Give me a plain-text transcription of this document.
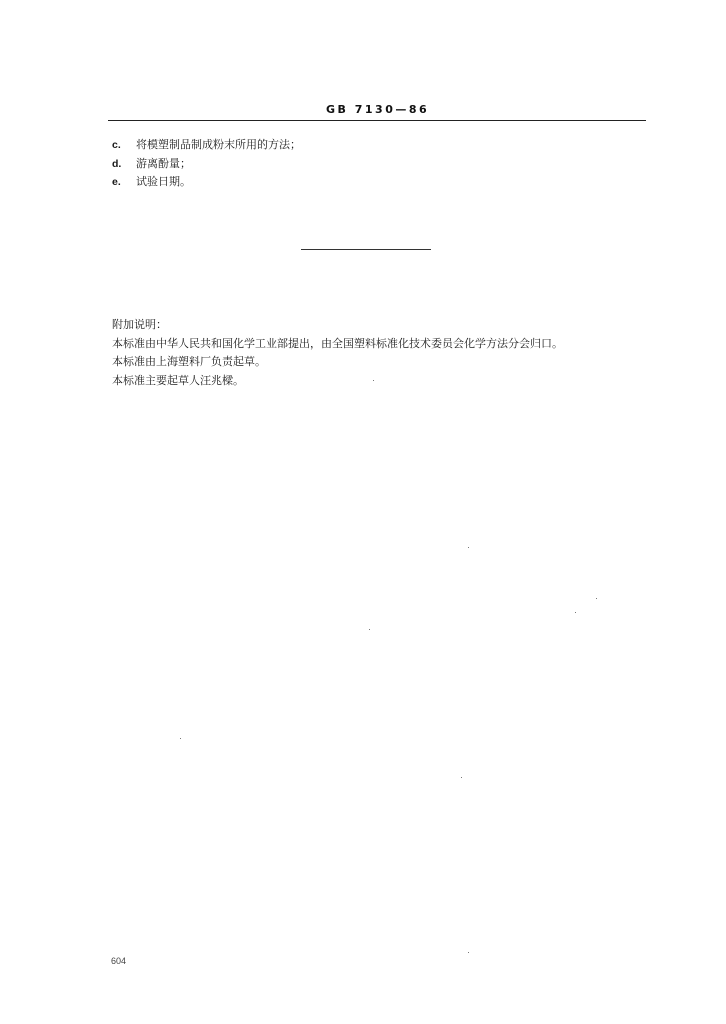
GB 7130—86
c. 将模塑制品制成粉末所用的方法；
d. 游离酚量；
e. 试验日期。
附加说明：
本标准由中华人民共和国化学工业部提出，由全国塑料标准化技术委员会化学方法分会归口。
本标准由上海塑料厂负责起草。
本标准主要起草人汪兆樑。
604
